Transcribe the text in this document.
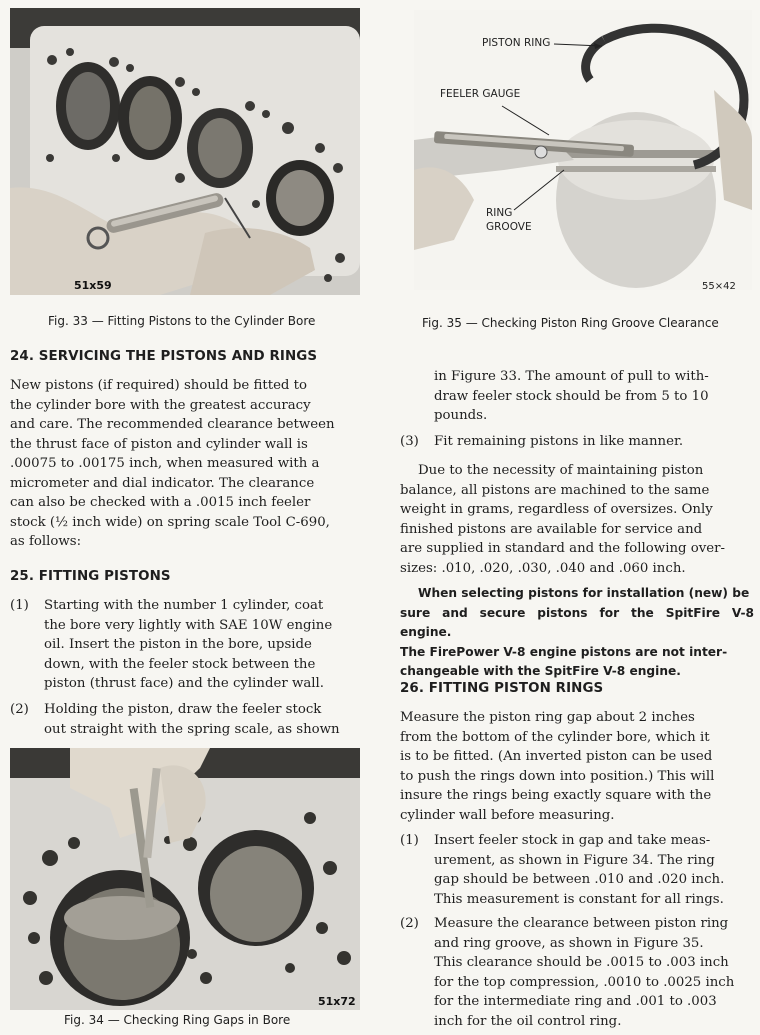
51x59
Fig. 33 — Fitting Pistons to the Cylinder Bore
PISTON RING
FEELER GAUGE
RING
GROOVE
55×42
Fig. 35 — Checking Piston Ring Groove Clearance
24. SERVICING THE PISTONS AND RINGS
New pistons (if required) should be fitted to
the cylinder bore with the greatest accuracy
and care. The recommended clearance between
the thrust face of piston and cylinder wall is
.00075 to .00175 inch, when measured with a
micrometer and dial indicator. The clearance
can also be checked with a .0015 inch feeler
stock (½ inch wide) on spring scale Tool C-690,
as follows:
25. FITTING PISTONS
(1) Starting with the number 1 cylinder, coat
the bore very lightly with SAE 10W engine
oil. Insert the piston in the bore, upside
down, with the feeler stock between the
piston (thrust face) and the cylinder wall.
(2) Holding the piston, draw the feeler stock
out straight with the spring scale, as shown
51x72
Fig. 34 — Checking Ring Gaps in Bore
in Figure 33. The amount of pull to with-
draw feeler stock should be from 5 to 10
pounds.
(3) Fit remaining pistons in like manner.
Due to the necessity of maintaining piston
balance, all pistons are machined to the same
weight in grams, regardless of oversizes. Only
finished pistons are available for service and
are supplied in standard and the following over-
sizes: .010, .020, .030, .040 and .060 inch.
When selecting pistons for installation (new) be
sure and secure pistons for the SpitFire V-8 engine.
The FirePower V-8 engine pistons are not inter-
changeable with the SpitFire V-8 engine.
26. FITTING PISTON RINGS
Measure the piston ring gap about 2 inches
from the bottom of the cylinder bore, which it
is to be fitted. (An inverted piston can be used
to push the rings down into position.) This will
insure the rings being exactly square with the
cylinder wall before measuring.
(1) Insert feeler stock in gap and take meas-
urement, as shown in Figure 34. The ring
gap should be between .010 and .020 inch.
This measurement is constant for all rings.
(2) Measure the clearance between piston ring
and ring groove, as shown in Figure 35.
This clearance should be .0015 to .003 inch
for the top compression, .0010 to .0025 inch
for the intermediate ring and .001 to .003
inch for the oil control ring.
